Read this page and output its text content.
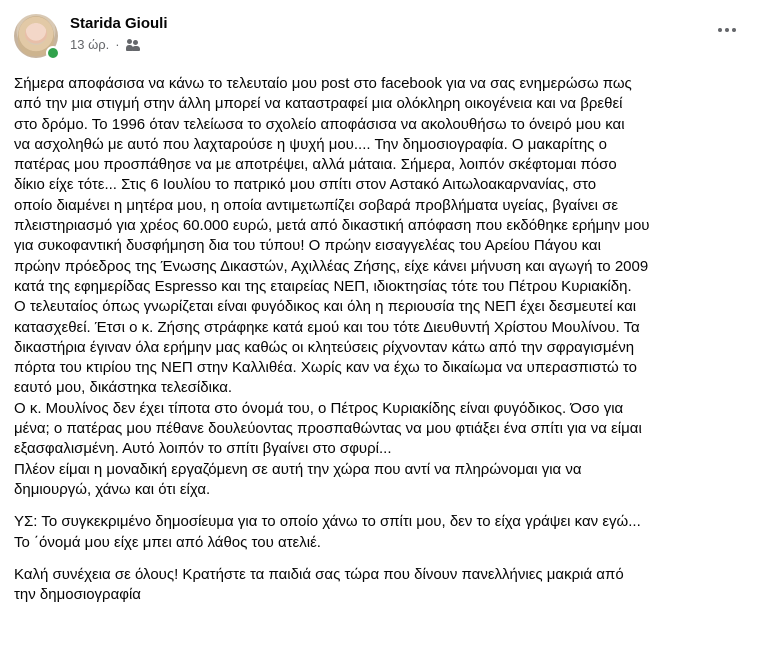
Starida Giouli
13 ώρ. ·

Σήμερα αποφάσισα να κάνω το τελευταίο μου post στο facebook για να σας ενημερώσω πως

από την μια στιγμή στην άλλη μπορεί να καταστραφεί μια ολόκληρη οικογένεια και να βρεθεί

στο δρόμο. Το 1996 όταν τελείωσα το σχολείο αποφάσισα να ακολουθήσω το όνειρό μου και

να ασχοληθώ με αυτό που λαχταρούσε η ψυχή μου.... Την δημοσιογραφία. Ο μακαρίτης ο

πατέρας μου προσπάθησε να με αποτρέψει, αλλά μάταια. Σήμερα, λοιπόν σκέφτομαι πόσο

δίκιο είχε τότε... Στις 6 Ιουλίου το πατρικό μου σπίτι στον Αστακό Αιτωλοακαρνανίας, στο

οποίο διαμένει η μητέρα μου, η οποία αντιμετωπίζει σοβαρά προβλήματα υγείας, βγαίνει σε

πλειστηριασμό για χρέος 60.000 ευρώ, μετά από δικαστική απόφαση που εκδόθηκε ερήμην μου

για συκοφαντική δυσφήμηση δια του τύπου! Ο πρώην εισαγγελέας του Αρείου Πάγου και

πρώην πρόεδρος της Ένωσης Δικαστών, Αχιλλέας Ζήσης, είχε κάνει μήνυση και αγωγή το 2009

κατά της εφημερίδας Espresso και της εταιρείας ΝΕΠ, ιδιοκτησίας τότε του Πέτρου Κυριακίδη.

Ο τελευταίος όπως γνωρίζεται είναι φυγόδικος και όλη η περιουσία της ΝΕΠ έχει δεσμευτεί και

κατασχεθεί. Έτσι ο κ. Ζήσης στράφηκε κατά εμού και του τότε Διευθυντή Χρίστου Μουλίνου. Τα

δικαστήρια έγιναν όλα ερήμην μας καθώς οι κλητεύσεις ρίχνονταν κάτω από την σφραγισμένη

πόρτα του κτιρίου της ΝΕΠ στην Καλλιθέα. Χωρίς καν να έχω το δικαίωμα να υπερασπιστώ το

εαυτό μου, δικάστηκα τελεσίδικα.

Ο κ. Μουλίνος δεν έχει τίποτα στο όνομά του, ο Πέτρος Κυριακίδης είναι φυγόδικος. Όσο για

μένα; ο πατέρας μου πέθανε δουλεύοντας προσπαθώντας να μου φτιάξει ένα σπίτι για να είμαι

εξασφαλισμένη. Αυτό λοιπόν το σπίτι βγαίνει στο σφυρί...

Πλέον είμαι η μοναδική εργαζόμενη σε αυτή την χώρα που αντί να πληρώνομαι για να

δημιουργώ, χάνω και ότι είχα.

ΥΣ: Το συγκεκριμένο δημοσίευμα για το οποίο χάνω το σπίτι μου, δεν το είχα γράψει καν εγώ...

Το ΄όνομά μου είχε μπει από λάθος του ατελιέ.

Καλή συνέχεια σε όλους! Κρατήστε τα παιδιά σας τώρα που δίνουν πανελλήνιες μακριά από

την δημοσιογραφία
